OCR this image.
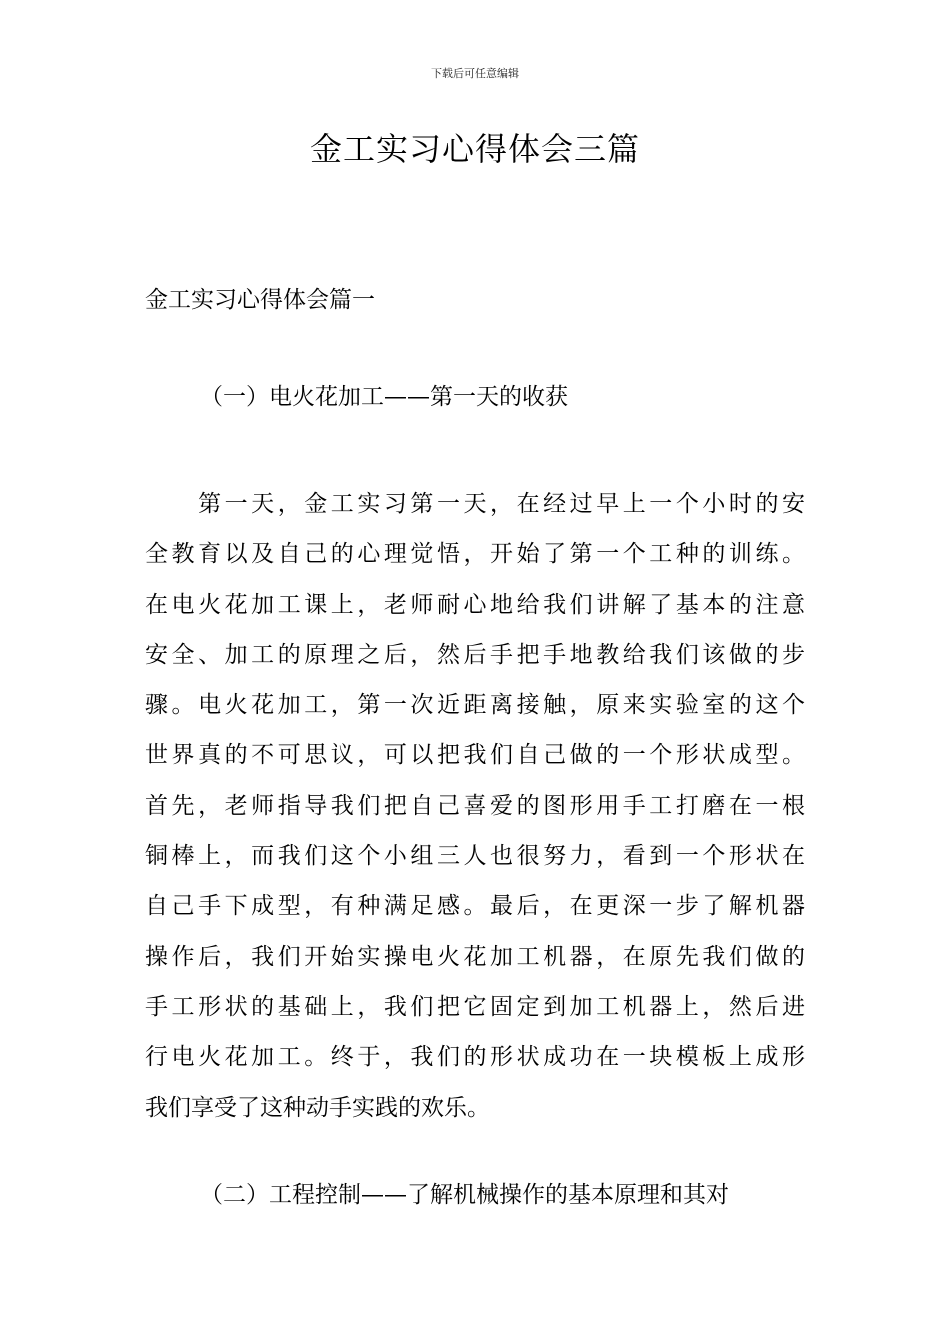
下载后可任意编辑
金工实习心得体会三篇
金工实习心得体会篇一
（一）电火花加工——第一天的收获
　　第一天，金工实习第一天，在经过早上一个小时的安
全教育以及自己的心理觉悟，开始了第一个工种的训练。
在电火花加工课上，老师耐心地给我们讲解了基本的注意
安全、加工的原理之后，然后手把手地教给我们该做的步
骤。电火花加工，第一次近距离接触，原来实验室的这个
世界真的不可思议，可以把我们自己做的一个形状成型。
首先，老师指导我们把自己喜爱的图形用手工打磨在一根
铜棒上，而我们这个小组三人也很努力，看到一个形状在
自己手下成型，有种满足感。最后，在更深一步了解机器
操作后，我们开始实操电火花加工机器，在原先我们做的
手工形状的基础上，我们把它固定到加工机器上，然后进
行电火花加工。终于，我们的形状成功在一块模板上成形
我们享受了这种动手实践的欢乐。
（二）工程控制——了解机械操作的基本原理和其对
